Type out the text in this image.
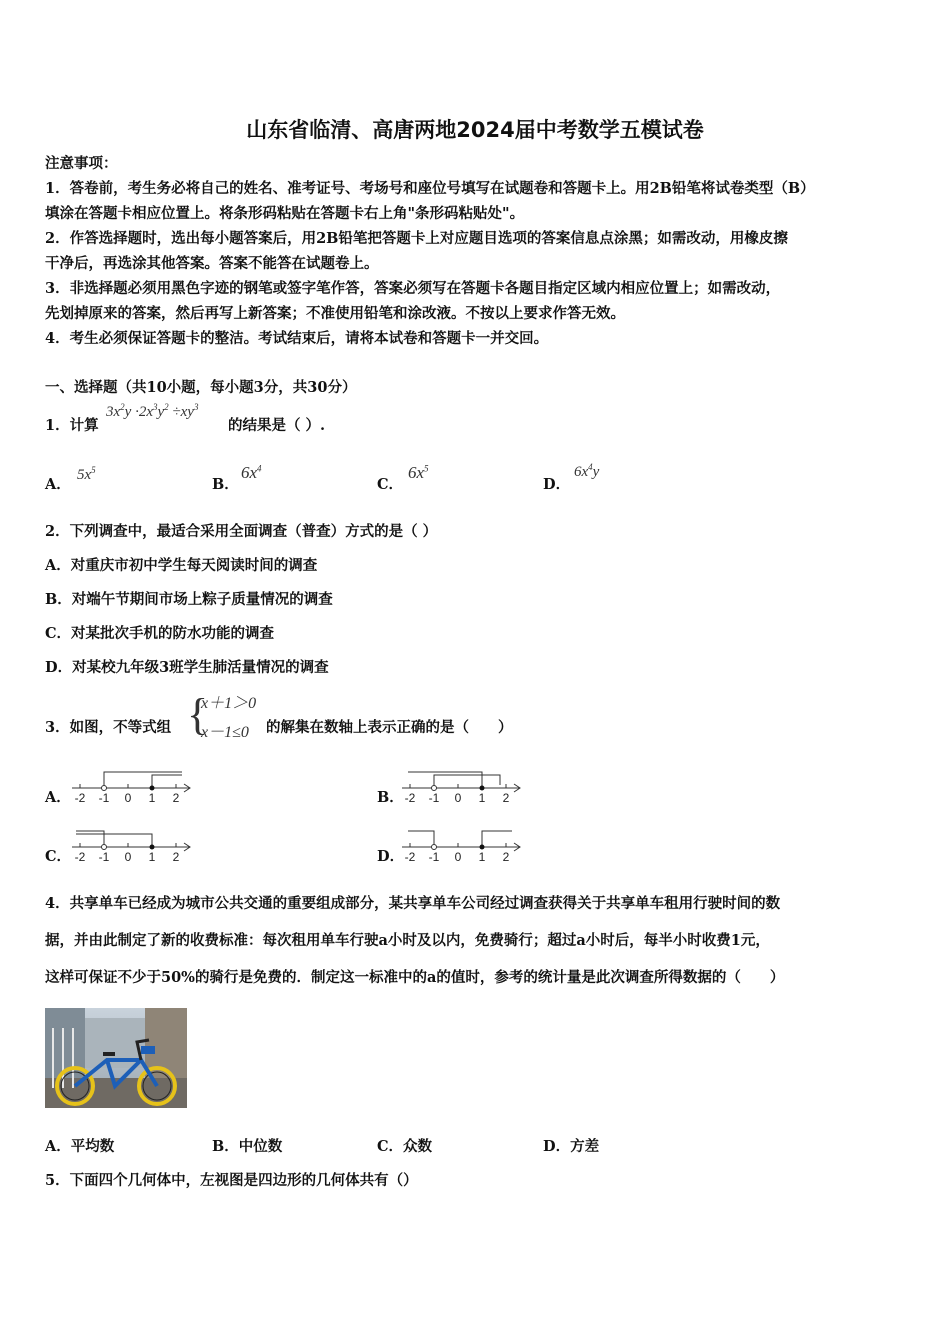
山东省临清、高唐两地2024届中考数学五模试卷
注意事项：
1．答卷前，考生务必将自己的姓名、准考证号、考场号和座位号填写在试题卷和答题卡上。用2B铅笔将试卷类型（B）
填涂在答题卡相应位置上。将条形码粘贴在答题卡右上角"条形码粘贴处"。
2．作答选择题时，选出每小题答案后，用2B铅笔把答题卡上对应题目选项的答案信息点涂黑；如需改动，用橡皮擦
干净后，再选涂其他答案。答案不能答在试题卷上。
3．非选择题必须用黑色字迹的钢笔或签字笔作答，答案必须写在答题卡各题目指定区域内相应位置上；如需改动，
先划掉原来的答案，然后再写上新答案；不准使用铅笔和涂改液。不按以上要求作答无效。
4．考生必须保证答题卡的整洁。考试结束后，请将本试卷和答题卡一并交回。
一、选择题（共10小题，每小题3分，共30分）
1．计算
$3x^2y \cdot 2x^3y^2 \div xy^3$
的结果是（ ）.
A．
$5x^5$
B．
$6x^4$
C．
$6x^5$
D．
$6x^4y$
2．下列调查中，最适合采用全面调查（普查）方式的是（ ）
A．对重庆市初中学生每天阅读时间的调查
B．对端午节期间市场上粽子质量情况的调查
C．对某批次手机的防水功能的调查
D．对某校九年级3班学生肺活量情况的调查
3．如图，不等式组 {
x＋1＞0
x－1≤0 的解集在数轴上表示正确的是（　　）
A．	B．
C．	D．
-2 -1 0 1 2	-2 -1 0 1 2
-2 -1 0 1 2	-2 -1 0 1 2
4．共享单车已经成为城市公共交通的重要组成部分，某共享单车公司经过调查获得关于共享单车租用行驶时间的数
据，并由此制定了新的收费标准：每次租用单车行驶a小时及以内，免费骑行；超过a小时后，每半小时收费1元，
这样可保证不少于50%的骑行是免费的．制定这一标准中的a的值时，参考的统计量是此次调查所得数据的（　　）
A．平均数	B．中位数	C．众数	D．方差
5．下面四个几何体中，左视图是四边形的几何体共有（）
